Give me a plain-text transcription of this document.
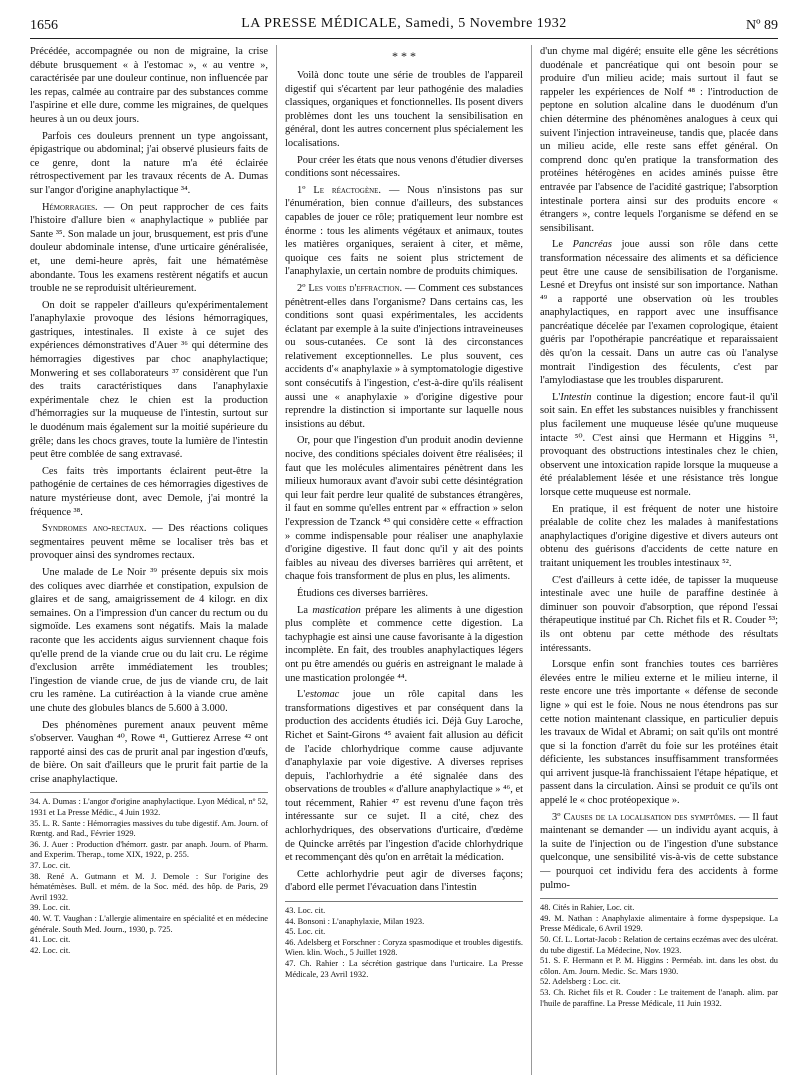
1656	LA PRESSE MÉDICALE, Samedi, 5 Novembre 1932	Nº 89

Précédée, accompagnée ou non de migraine, la crise débute brusquement « à l'estomac », « au ventre », caractérisée par une douleur continue, non influencée par les repas, calmée au contraire par des substances comme l'aspirine et elle dure, comme les migraines, de quelques heures à un ou deux jours.

Parfois ces douleurs prennent un type angoissant, épigastrique ou abdominal; j'ai observé plusieurs faits de ce genre, dont la nature m'a été éclairée rétrospectivement par les travaux récents de A. Dumas sur l'angor d'origine anaphylactique ³⁴.

Hémorragies. — On peut rapprocher de ces faits l'histoire d'allure bien « anaphylactique » publiée par Sante ³⁵. Son malade un jour, brusquement, est pris d'une douleur abdominale intense, d'une urticaire généralisée, et, une demi-heure après, fait une hématémèse abondante. Tous les examens restèrent négatifs et aucun trouble ne se reproduisit ultérieurement.

On doit se rappeler d'ailleurs qu'expérimentalement l'anaphylaxie provoque des lésions hémorragiques, gastriques, intestinales. Il existe à ce sujet des expériences démonstratives d'Auer ³⁶ qui détermine des hémorragies digestives par choc anaphylactique; Monwering et ses collaborateurs ³⁷ considèrent que l'un des traits caractéristiques dans l'anaphylaxie expérimentale chez le chien est la production d'hémorragies sur la muqueuse de l'intestin, surtout sur le duodénum mais également sur la moitié supérieure du grêle; dans les chocs graves, toute la lumière de l'intestin peut être comblée de sang extravasé.

Ces faits très importants éclairent peut-être la pathogénie de certaines de ces hémorragies digestives de nature mystérieuse dont, avec Demole, j'ai montré la fréquence ³⁸.

Syndromes ano-rectaux. — Des réactions coliques segmentaires peuvent même se localiser très bas et provoquer ainsi des syndromes rectaux.

Une malade de Le Noir ³⁹ présente depuis six mois des coliques avec diarrhée et constipation, expulsion de glaires et de sang, amaigrissement de 4 kilogr. en dix semaines. On a l'impression d'un cancer du rectum ou du sigmoïde. Les examens sont négatifs. Mais la malade raconte que les accidents aigus surviennent chaque fois qu'elle prend de la viande crue ou du lait cru. Le régime d'exclusion arrête immédiatement les troubles; l'ingestion de viande crue, de jus de viande cru, de lait cru les ramène. La cutiréaction à la viande crue amène une chute des globules blancs de 5.600 à 3.000.

Des phénomènes purement anaux peuvent même s'observer. Vaughan ⁴⁰, Rowe ⁴¹, Guttierez Arrese ⁴² ont rapporté ainsi des cas de prurit anal par ingestion d'œufs, de bière. On sait d'ailleurs que le prurit fait partie de la crise anaphylactique.

34. A. Dumas : L'angor d'origine anaphylactique. Lyon Médical, nº 52, 1931 et La Presse Médic., 4 Juin 1932.
35. L. R. Sante : Hémorragies massives du tube digestif. Am. Journ. of Rœntg. and Rad., Février 1929.
36. J. Auer : Production d'hémorr. gastr. par anaph. Journ. of Pharm. and Experim. Therap., tome XIX, 1922, p. 255.
37. Loc. cit.
38. René A. Gutmann et M. J. Demole : Sur l'origine des hématémèses. Bull. et mém. de la Soc. méd. des hôp. de Paris, 29 Avril 1932.
39. Loc. cit.
40. W. T. Vaughan : L'allergie alimentaire en spécialité et en médecine générale. South Med. Journ., 1930, p. 725.
41. Loc. cit.
42. Loc. cit.
* * *

Voilà donc toute une série de troubles de l'appareil digestif qui s'écartent par leur pathogénie des maladies classiques, organiques et fonctionnelles. Ils posent divers problèmes dont les uns touchent la sensibilisation en général, dont les autres concernent plus spécialement les localisations.

Pour créer les états que nous venons d'étudier diverses conditions sont nécessaires.

1º Le réactogène. — Nous n'insistons pas sur l'énumération, bien connue d'ailleurs, des substances capables de jouer ce rôle; pratiquement leur nombre est énorme : tous les aliments végétaux et animaux, toutes les matières organiques, seraient à citer, et même, quoique ces faits ne soient plus strictement de l'anaphylaxie, un certain nombre de produits chimiques.

2º Les voies d'effraction. — Comment ces substances pénètrent-elles dans l'organisme? Dans certains cas, les conditions sont quasi expérimentales, les accidents éclatant par exemple à la suite d'injections intraveineuses ou sous-cutanées. Ce sont là des circonstances relativement exceptionnelles. Le plus souvent, ces accidents d'« anaphylaxie » à symptomatologie digestive sont consécutifs à l'ingestion, c'est-à-dire qu'ils réalisent aussi une « anaphylaxie » d'origine digestive pour reprendre la distinction si importante sur laquelle nous insistions au début.

Or, pour que l'ingestion d'un produit anodin devienne nocive, des conditions spéciales doivent être réalisées; il faut que les molécules alimentaires pénètrent dans les milieux humoraux avant d'avoir subi cette désintégration qui leur fait perdre leur qualité de substances étrangères, il faut en somme qu'elles entrent par « effraction » selon l'expression de Tzanck ⁴³ qui considère cette « effraction » comme indispensable pour réaliser une anaphylaxie d'origine digestive. Il faut donc qu'il y ait des points faibles au niveau des diverses barrières qui arrêtent, et chaque fois transforment de plus en plus, les aliments.

Étudions ces diverses barrières.

La mastication prépare les aliments à une digestion plus complète et commence cette digestion. La tachyphagie est ainsi une cause favorisante à la digestion incomplète. En fait, des troubles anaphylactiques légers ont pu être amendés ou guéris en astreignant le malade à une mastication prolongée ⁴⁴.

L'estomac joue un rôle capital dans les transformations digestives et par conséquent dans la production des accidents étudiés ici. Déjà Guy Laroche, Richet et Saint-Girons ⁴⁵ avaient fait allusion au déficit de l'acide chlorhydrique comme cause adjuvante d'anaphylaxie par voie digestive. A diverses reprises depuis, l'achlorhydrie a été signalée dans des observations de troubles « d'allure anaphylactique » ⁴⁶, et tout récemment, Rahier ⁴⁷ est revenu d'une façon très intéressante sur ce sujet. Il a cité, chez des achlorhydriques, des observations d'urticaire, d'œdème de Quincke arrêtés par l'ingestion d'acide chlorhydrique et recommençant dès qu'on en arrêtait la médication.

Cette achlorhydrie peut agir de diverses façons; d'abord elle permet l'évacuation dans l'intestin

43. Loc. cit.
44. Bonsoni : L'anaphylaxie, Milan 1923.
45. Loc. cit.
46. Adelsberg et Forschner : Coryza spasmodique et troubles digestifs. Wien. klin. Woch., 5 Juillet 1928.
47. Ch. Rahier : La sécrétion gastrique dans l'urticaire. La Presse Médicale, 23 Avril 1932.

d'un chyme mal digéré; ensuite elle gêne les sécrétions duodénale et pancréatique qui ont besoin pour se produire d'un milieu acide; mais surtout il faut se rappeler les expériences de Nolf ⁴⁸ : l'introduction de peptone en solution alcaline dans le duodénum d'un chien détermine des phénomènes analogues à ceux qui suivent l'injection intraveineuse, tandis que, placée dans un milieu acide, elle reste sans effet général. On comprend donc qu'en pratique la transformation des protéines hétérogènes en acides aminés puisse être entravée par l'absence de l'acidité gastrique; l'absorption intestinale portera ainsi sur des produits encore « étrangers », contre lequels l'organisme se défend en se sensibilisant.

Le Pancréas joue aussi son rôle dans cette transformation nécessaire des aliments et sa déficience peut être une cause de sensibilisation de l'organisme. Lesné et Dreyfus ont insisté sur son importance. Nathan ⁴⁹ a rapporté une observation où les troubles anaphylactiques, en rapport avec une insuffisance pancréatique décelée par l'examen coprologique, étaient guéris par l'opothérapie pancréatique et reparaissaient dès qu'on la cessait. Dans un autre cas où l'analyse montrait l'indigestion des féculents, c'est par l'amylodiastase que les troubles disparurent.

L'Intestin continue la digestion; encore faut-il qu'il soit sain. En effet les substances nuisibles y franchissent plus facilement une muqueuse lésée qu'une muqueuse intacte ⁵⁰. C'est ainsi que Hermann et Higgins ⁵¹, provoquant des obstructions intestinales chez le chien, observent une intoxication rapide lorsque la muqueuse a été préalablement lésée et une résistance très longue lorsque cette muqueuse est normale.

En pratique, il est fréquent de noter une histoire préalable de colite chez les malades à manifestations anaphylactiques d'origine digestive et divers auteurs ont obtenu des guérisons d'accidents de cette nature en traitant uniquement les troubles intestinaux ⁵².

C'est d'ailleurs à cette idée, de tapisser la muqueuse intestinale avec une huile de paraffine destinée à diminuer son pouvoir d'absorption, que répond l'essai thérapeutique institué par Ch. Richet fils et R. Couder ⁵³; ils ont obtenu par cette méthode des résultats intéressants.

Lorsque enfin sont franchies toutes ces barrières élevées entre le milieu externe et le milieu interne, il reste encore une très importante « défense de seconde ligne » qui est le foie. Nous ne nous étendrons pas sur cette notion maintenant classique, en particulier depuis les travaux de Widal et Abrami; on sait qu'ils ont montré que si la fonction d'arrêt du foie sur les protéines était déficiente, les substances insuffisamment transformées qui arrivent jusque-là franchissaient l'étape hépatique, et passent dans la circulation. Ainsi se produit ce qu'ils ont appelé le « choc protéopexique ».

3º Causes de la localisation des symptômes. — Il faut maintenant se demander — un individu ayant acquis, à la suite de l'injection ou de l'ingestion d'une substance quelconque, une sensibilité vis-à-vis de cette substance — pourquoi cet individu fera des accidents à forme pulmo-

48. Cités in Rahier, Loc. cit.
49. M. Nathan : Anaphylaxie alimentaire à forme dyspepsique. La Presse Médicale, 6 Avril 1929.
50. Cf. L. Lortat-Jacob : Relation de certains eczémas avec des ulcérat. du tube digestif. La Médecine, Nov. 1923.
51. S. F. Hermann et P. M. Higgins : Perméab. int. dans les obst. du côlon. Am. Journ. Medic. Sc. Mars 1930.
52. Adelsberg : Loc. cit.
53. Ch. Richet fils et R. Couder : Le traitement de l'anaph. alim. par l'huile de paraffine. La Presse Médicale, 11 Juin 1932.
